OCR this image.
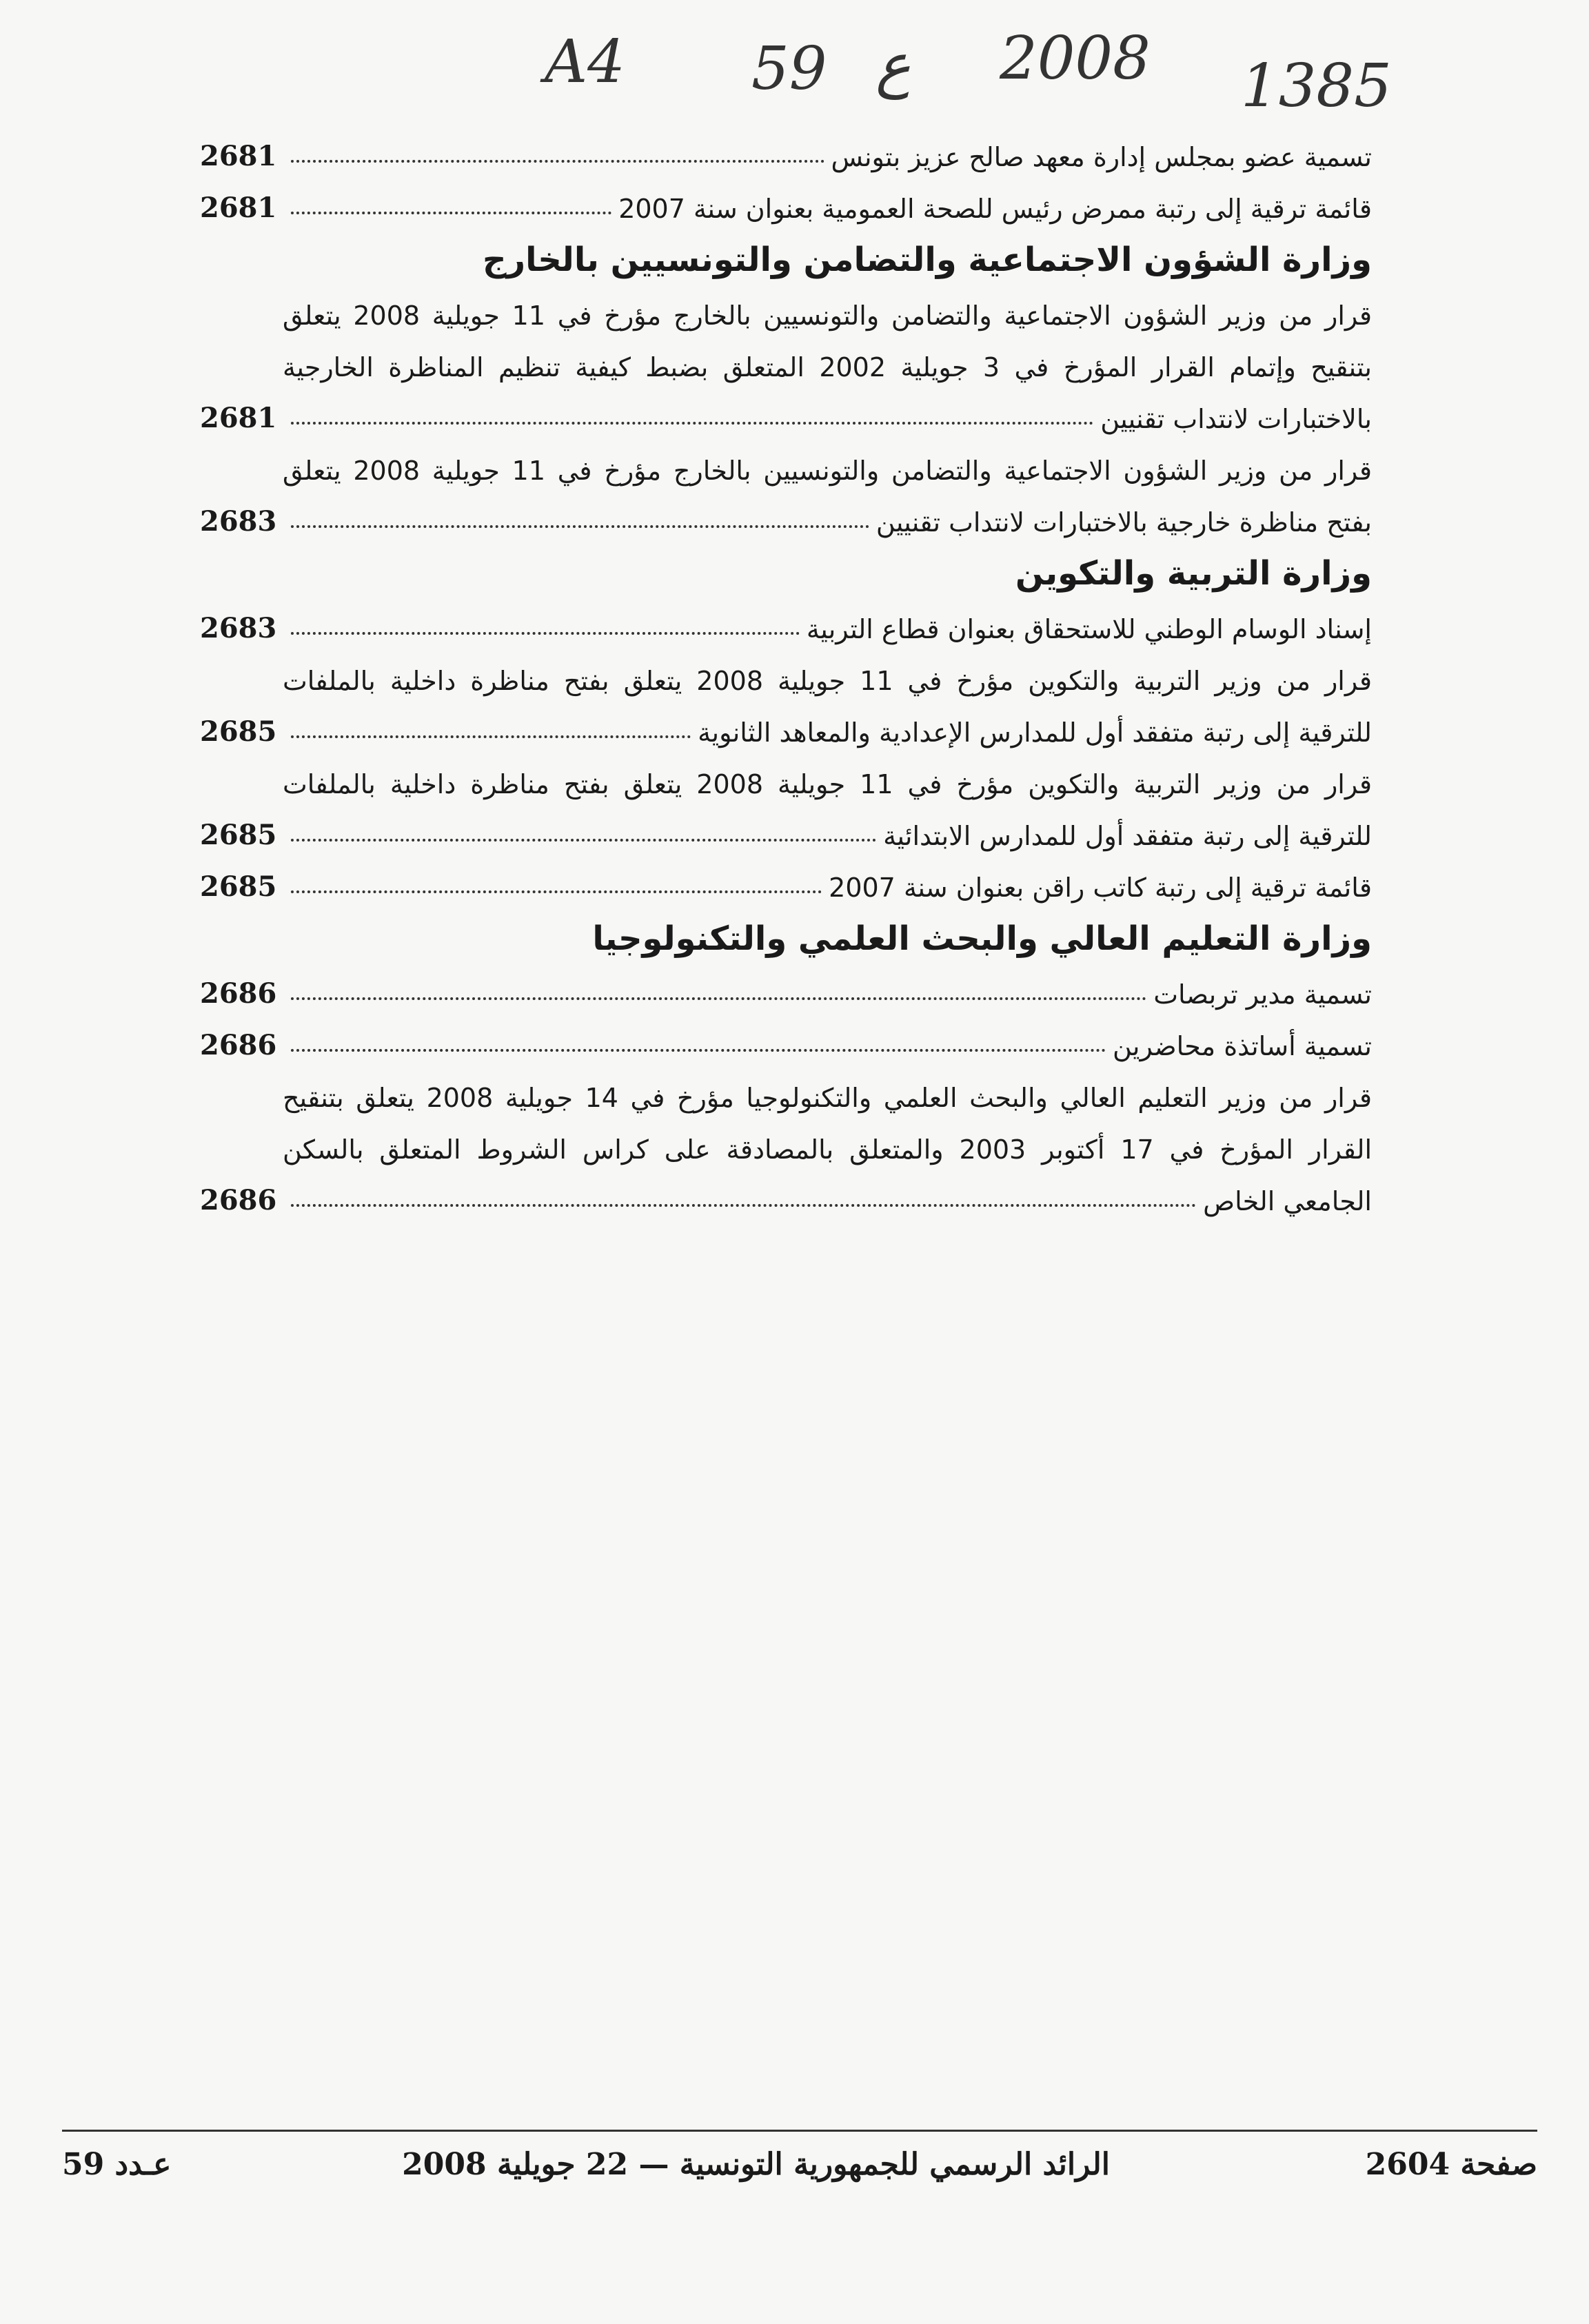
A4 59 ع 2008 1385
تسمية عضو بمجلس إدارة معهد صالح عزيز بتونس
2681
قائمة ترقية إلى رتبة ممرض رئيس للصحة العمومية بعنوان سنة 2007
2681
وزارة الشؤون الاجتماعية والتضامن والتونسيين بالخارج
قرار من وزير الشؤون الاجتماعية والتضامن والتونسيين بالخارج مؤرخ في 11 جويلية 2008 يتعلق
بتنقيح وإتمام القرار المؤرخ في 3 جويلية 2002 المتعلق بضبط كيفية تنظيم المناظرة الخارجية
بالاختبارات لانتداب تقنيين
2681
قرار من وزير الشؤون الاجتماعية والتضامن والتونسيين بالخارج مؤرخ في 11 جويلية 2008 يتعلق
بفتح مناظرة خارجية بالاختبارات لانتداب تقنيين
2683
وزارة التربية والتكوين
إسناد الوسام الوطني للاستحقاق بعنوان قطاع التربية
2683
قرار من وزير التربية والتكوين مؤرخ في 11 جويلية 2008 يتعلق بفتح مناظرة داخلية بالملفات
للترقية إلى رتبة متفقد أول للمدارس الإعدادية والمعاهد الثانوية
2685
قرار من وزير التربية والتكوين مؤرخ في 11 جويلية 2008 يتعلق بفتح مناظرة داخلية بالملفات
للترقية إلى رتبة متفقد أول للمدارس الابتدائية
2685
قائمة ترقية إلى رتبة كاتب راقن بعنوان سنة 2007
2685
وزارة التعليم العالي والبحث العلمي والتكنولوجيا
تسمية مدير تربصات
2686
تسمية أساتذة محاضرين
2686
قرار من وزير التعليم العالي والبحث العلمي والتكنولوجيا مؤرخ في 14 جويلية 2008 يتعلق بتنقيح
القرار المؤرخ في 17 أكتوبر 2003 والمتعلق بالمصادقة على كراس الشروط المتعلق بالسكن
الجامعي الخاص
2686
صفحة 2604
الرائد الرسمي للجمهورية التونسية — 22 جويلية 2008
عـدد 59
